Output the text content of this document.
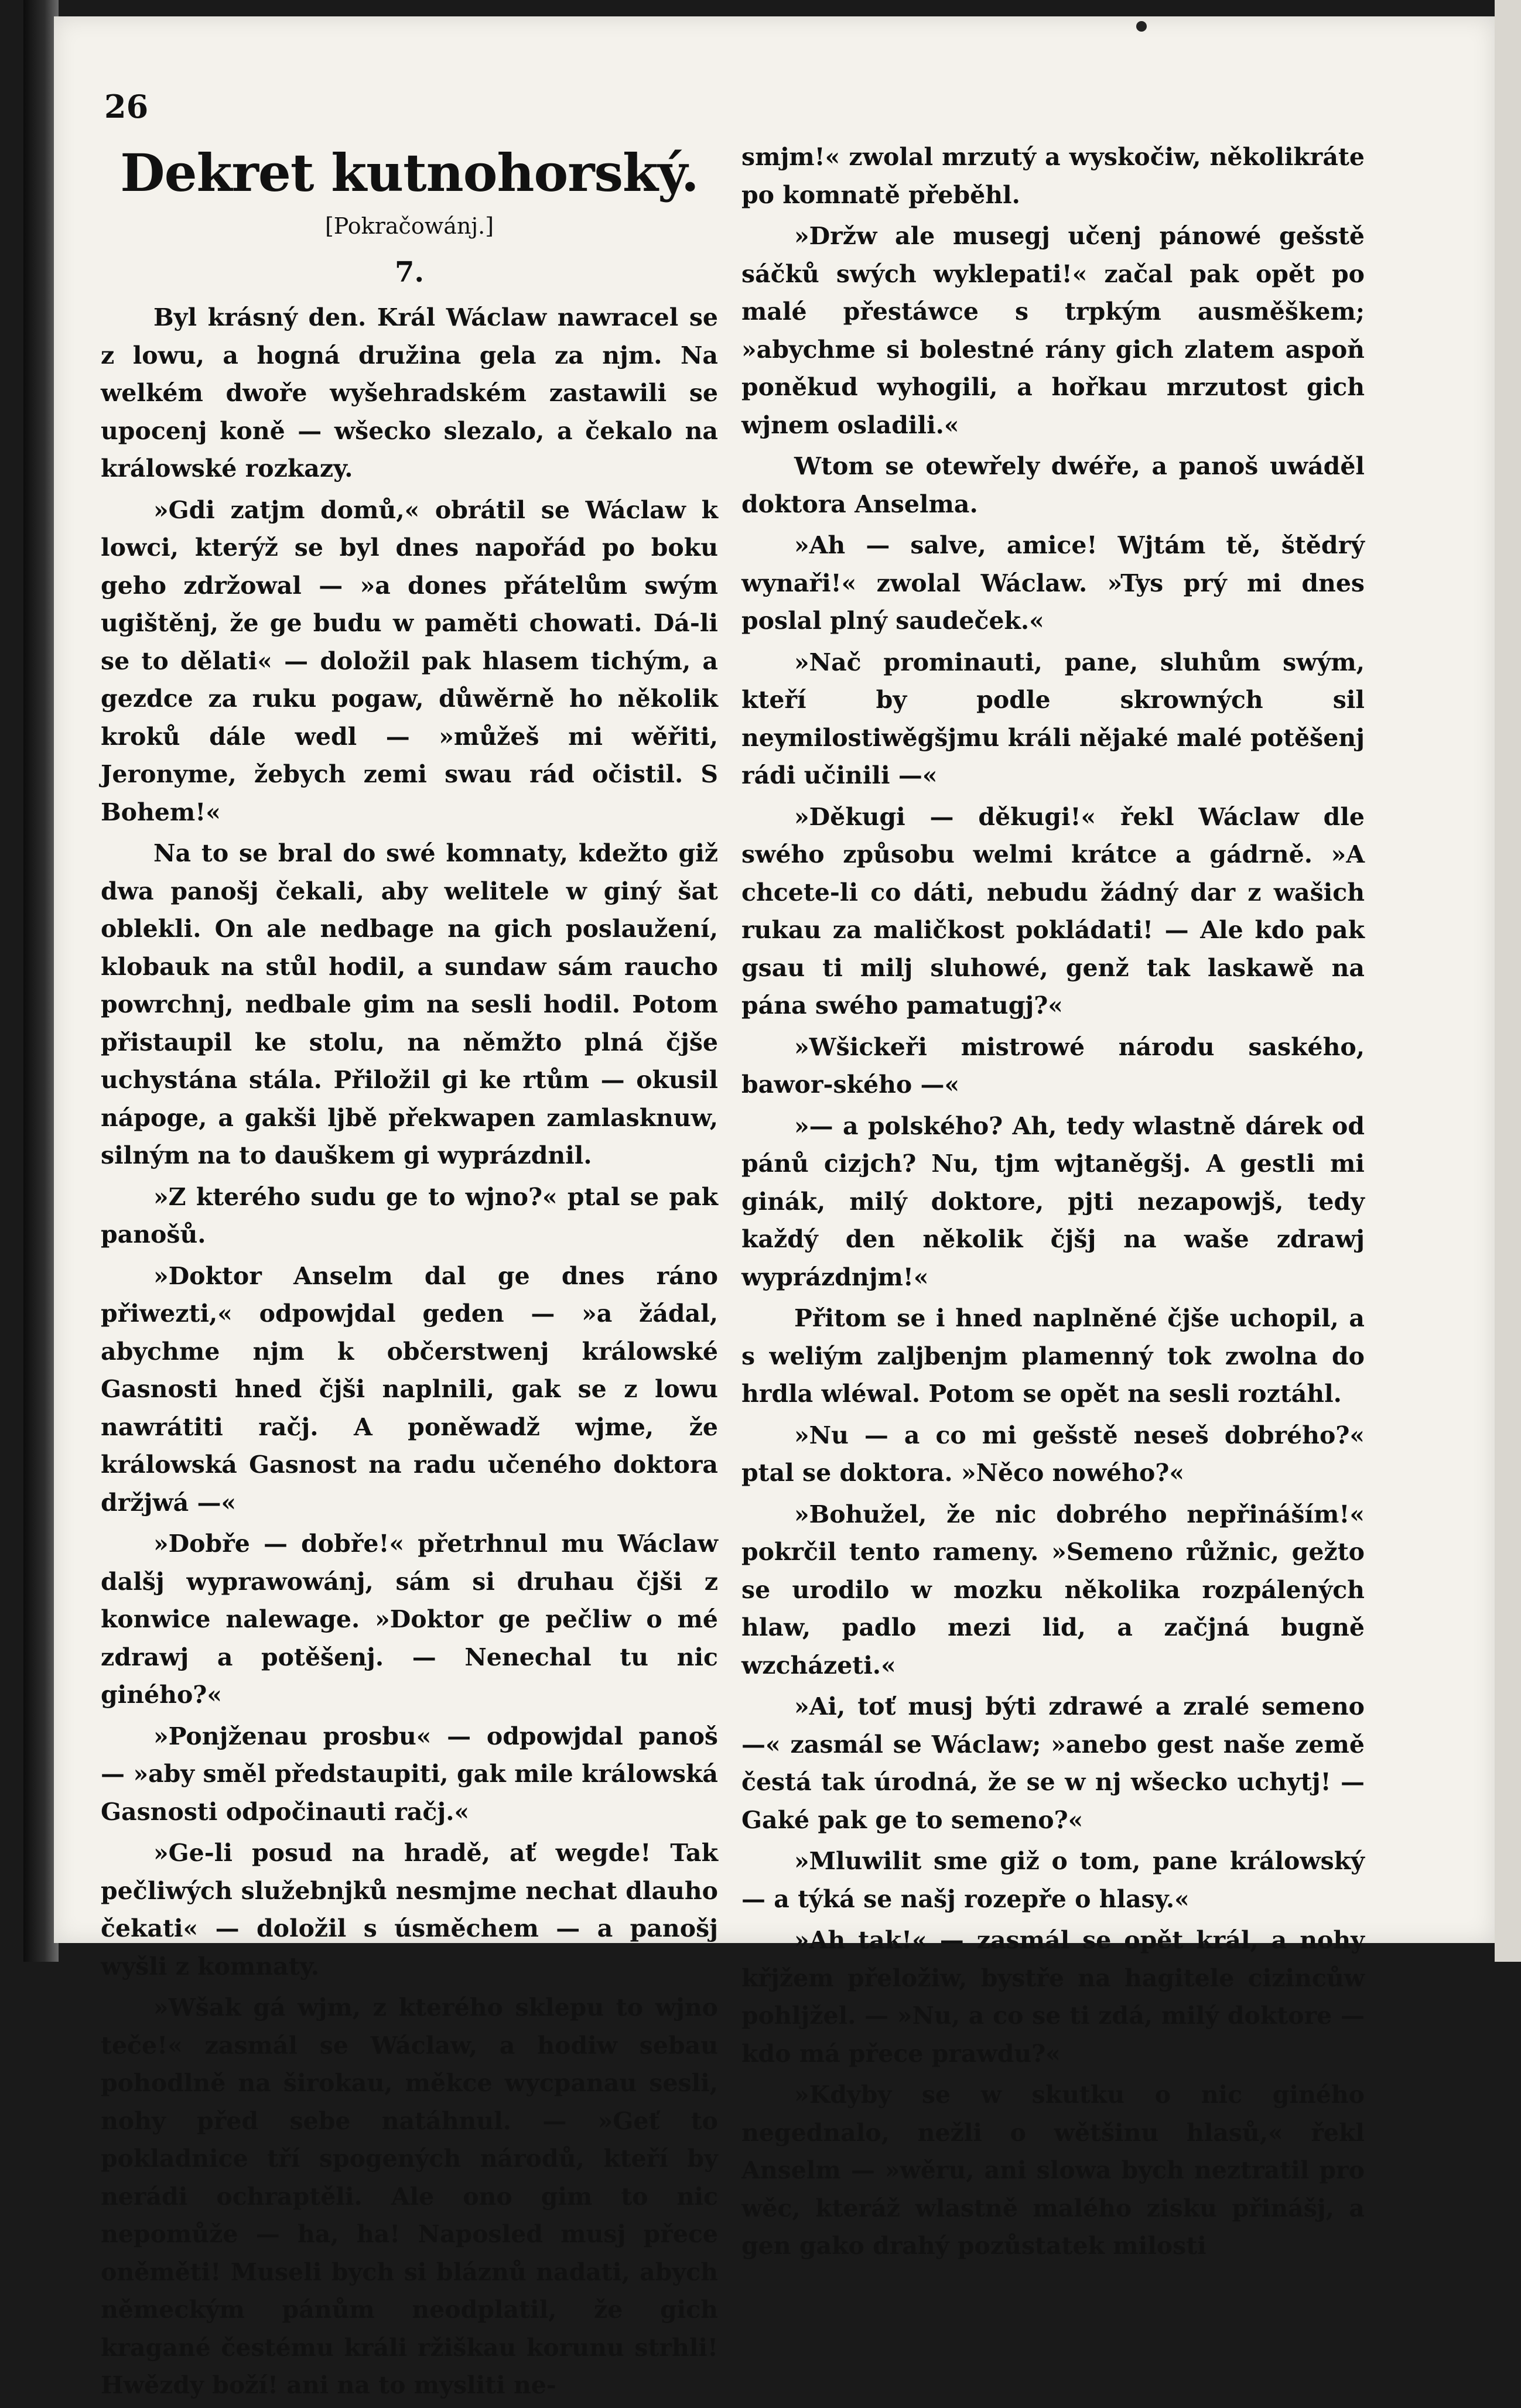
26
Dekret kutnohorský.
[Pokračowánj.]
7.

Byl krásný den. Král Wáclaw nawracel se z lowu, a hogná družina gela za njm. Na welkém dwoře wyšehradském zastawili se upocenj koně — wšecko slezalo, a čekalo na králowské rozkazy.

»Gdi zatjm domů,« obrátil se Wáclaw k lowci, kterýž se byl dnes napořád po boku geho zdržowal — »a dones přátelům swým ugištěnj, že ge budu w paměti chowati. Dá-li se to dělati« — doložil pak hlasem tichým, a gezdce za ruku pogaw, důwěrně ho několik kroků dále wedl — »můžeš mi wěřiti, Jeronyme, žebych zemi swau rád očistil. S Bohem!«

Na to se bral do swé komnaty, kdežto giž dwa panošj čekali, aby welitele w giný šat oblekli. On ale nedbage na gich poslaužení, klobauk na stůl hodil, a sundaw sám raucho powrchnj, nedbale gim na sesli hodil. Potom přistaupil ke stolu, na němžto plná čjše uchystána stála. Přiložil gi ke rtům — okusil nápoge, a gakši ljbě překwapen zamlasknuw, silným na to dauškem gi wyprázdnil.

»Z kterého sudu ge to wjno?« ptal se pak panošů.

»Doktor Anselm dal ge dnes ráno přiwezti,« odpowjdal geden — »a žádal, abychme njm k občerstwenj králowské Gasnosti hned čjši naplnili, gak se z lowu nawrátiti račj. A poněwadž wjme, že králowská Gasnost na radu učeného doktora držjwá —«

»Dobře — dobře!« přetrhnul mu Wáclaw dalšj wyprawowánj, sám si druhau čjši z konwice nalewage. »Doktor ge pečliw o mé zdrawj a potěšenj. — Nenechal tu nic giného?«

»Ponjženau prosbu« — odpowjdal panoš — »aby směl předstaupiti, gak mile králowská Gasnosti odpočinauti račj.«

»Ge-li posud na hradě, ať wegde! Tak pečliwých služebnjků nesmjme nechat dlauho čekati« — doložil s úsměchem — a panošj wyšli z komnaty.

»Wšak gá wjm, z kterého sklepu to wjno teče!« zasmál se Wáclaw, a hodiw sebau pohodlně na širokau, měkce wycpanau sesli, nohy před sebe natáhnul. — »Geť to pokladnice tří spogených národů, kteří by nerádi ochraptěli. Ale ono gim to nic nepomůže — ha, ha! Naposled musj přece oněměti! Museli bych si bláznů nadati, abych německým pánům neodplatil, že gich kragané čestému králi ržiškau korunu strhli! Hwězdy boží! ani na to mysliti ne-

smjm!« zwolal mrzutý a wyskočiw, několikráte po komnatě přeběhl.

»Držw ale musegj učenj pánowé gešstě sáčků swých wyklepati!« začal pak opět po malé přestáwce s trpkým ausměškem; »abychme si bolestné rány gich zlatem aspoň poněkud wyhogili, a hořkau mrzutost gich wjnem osladili.«

Wtom se otewřely dwéře, a panoš uwáděl doktora Anselma.

»Ah — salve, amice! Wjtám tě, štědrý wynaři!« zwolal Wáclaw. »Tys prý mi dnes poslal plný saudeček.«

»Nač prominauti, pane, sluhům swým, kteří by podle skrowných sil neymilostiwěgšjmu králi nějaké malé potěšenj rádi učinili —«

»Děkugi — děkugi!« řekl Wáclaw dle swého způsobu welmi krátce a gádrně. »A chcete-li co dáti, nebudu žádný dar z wašich rukau za maličkost pokládati! — Ale kdo pak gsau ti milj sluhowé, genž tak laskawě na pána swého pamatugj?«

»Wšickeři mistrowé národu saského, bawor-ského —«

»— a polského? Ah, tedy wlastně dárek od pánů cizjch? Nu, tjm wjtaněgšj. A gestli mi ginák, milý doktore, pjti nezapowjš, tedy každý den několik čjšj na waše zdrawj wyprázdnjm!«

Přitom se i hned naplněné čjše uchopil, a s weliým zaljbenjm plamenný tok zwolna do hrdla wléwal. Potom se opět na sesli roztáhl.

»Nu — a co mi gešstě neseš dobrého?« ptal se doktora. »Něco nowého?«

»Bohužel, že nic dobrého nepřináším!« pokrčil tento rameny. »Semeno růžnic, gežto se urodilo w mozku několika rozpálených hlaw, padlo mezi lid, a začjná bugně wzcházeti.«

»Ai, toť musj býti zdrawé a zralé semeno —« zasmál se Wáclaw; »anebo gest naše země čestá tak úrodná, že se w nj wšecko uchytj! — Gaké pak ge to semeno?«

»Mluwilit sme giž o tom, pane králowský — a týká se našj rozepře o hlasy.«

»Ah tak!« — zasmál se opět král, a nohy křjžem přeložiw, bystře na hagitele cizincůw pohljžel. — »Nu, a co se ti zdá, milý doktore — kdo má přece prawdu?«

»Kdyby se w skutku o nic giného negednalo, nežli o wětšinu hlasů,« řekl Anselm — »wěru, ani slowa bych neztratil pro wěc, kteráž wlastně malého zisku přinášj, a gen gako drahý pozůstatek milosti
